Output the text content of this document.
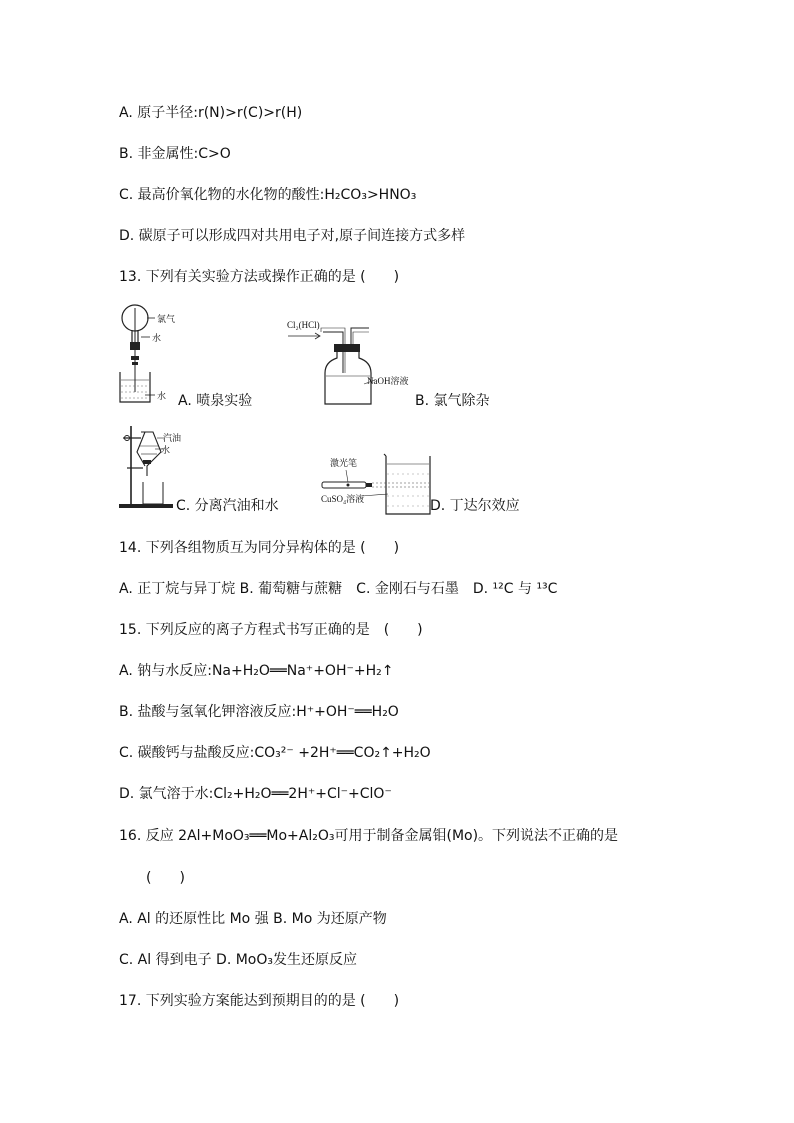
A. 原子半径:r(N)>r(C)>r(H)
B. 非金属性:C>O
C. 最高价氧化物的水化物的酸性:H₂CO₃>HNO₃
D. 碳原子可以形成四对共用电子对,原子间连接方式多样
13. 下列有关实验方法或操作正确的是 (　　)
氯气
水
水 A. 喷泉实验
Cl₂(HCl)
NaOH溶液
B. 氯气除杂
汽油
水
C. 分离汽油和水
激光笔
CuSO₄溶液	D. 丁达尔效应
14. 下列各组物质互为同分异构体的是 (　　)
A. 正丁烷与异丁烷 B. 葡萄糖与蔗糖　C. 金刚石与石墨　D. ¹²C 与 ¹³C
15. 下列反应的离子方程式书写正确的是　(　　)
A. 钠与水反应:Na+H₂O══Na⁺+OH⁻+H₂↑
B. 盐酸与氢氧化钾溶液反应:H⁺+OH⁻══H₂O
C. 碳酸钙与盐酸反应:CO₃²⁻ +2H⁺══CO₂↑+H₂O
D. 氯气溶于水:Cl₂+H₂O══2H⁺+Cl⁻+ClO⁻
16. 反应 2Al+MoO₃══Mo+Al₂O₃可用于制备金属钼(Mo)。下列说法不正确的是
(　　)
A. Al 的还原性比 Mo 强 B. Mo 为还原产物
C. Al 得到电子 D. MoO₃发生还原反应
17. 下列实验方案能达到预期目的的是 (　　)
